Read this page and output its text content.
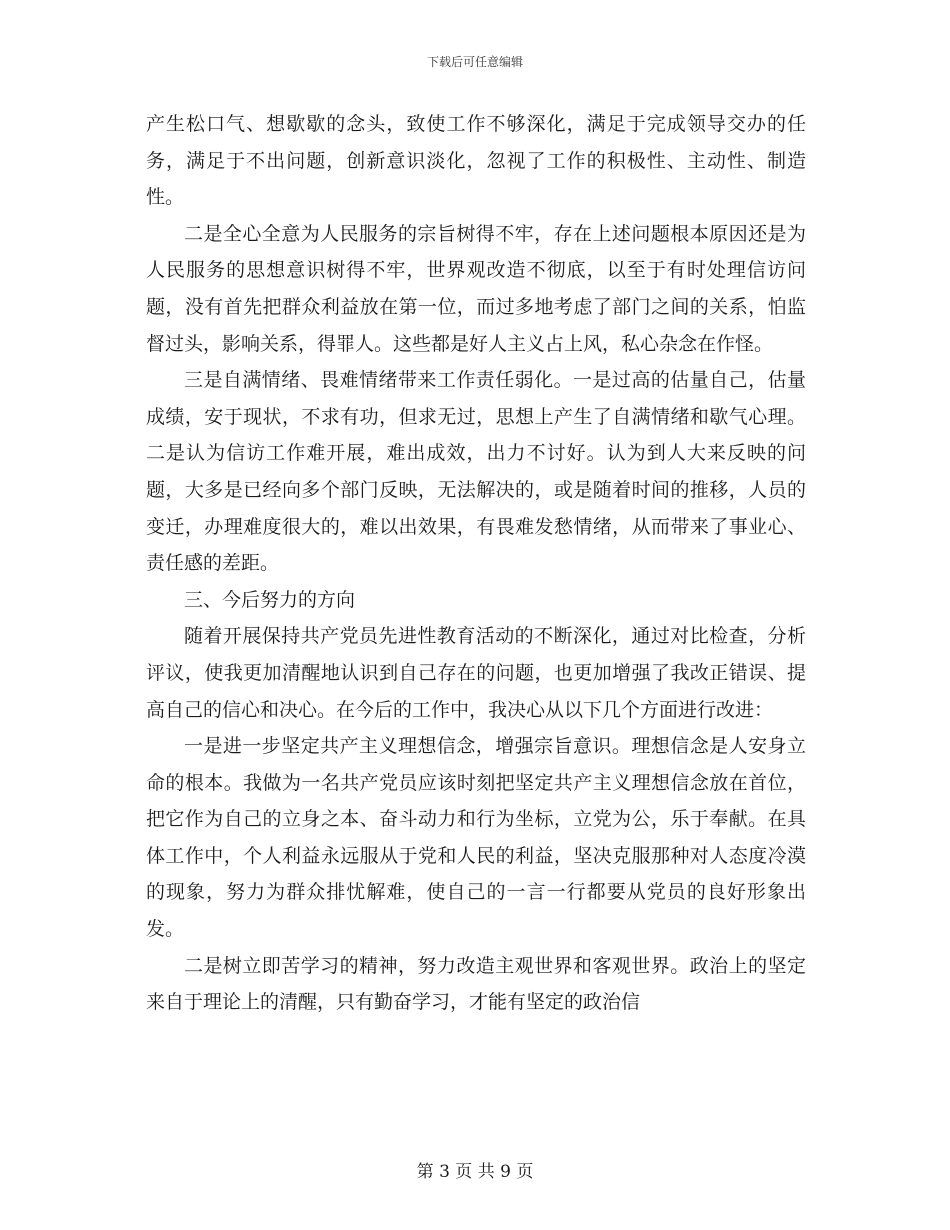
下载后可任意编辑

产生松口气、想歇歇的念头，致使工作不够深化，满足于完成领导交办的任务，满足于不出问题，创新意识淡化，忽视了工作的积极性、主动性、制造性。

二是全心全意为人民服务的宗旨树得不牢，存在上述问题根本原因还是为人民服务的思想意识树得不牢，世界观改造不彻底，以至于有时处理信访问题，没有首先把群众利益放在第一位，而过多地考虑了部门之间的关系，怕监督过头，影响关系，得罪人。这些都是好人主义占上风，私心杂念在作怪。

三是自满情绪、畏难情绪带来工作责任弱化。一是过高的估量自己，估量成绩，安于现状，不求有功，但求无过，思想上产生了自满情绪和歇气心理。二是认为信访工作难开展，难出成效，出力不讨好。认为到人大来反映的问题，大多是已经向多个部门反映，无法解决的，或是随着时间的推移，人员的变迁，办理难度很大的，难以出效果，有畏难发愁情绪，从而带来了事业心、责任感的差距。

三、今后努力的方向

随着开展保持共产党员先进性教育活动的不断深化，通过对比检查，分析评议，使我更加清醒地认识到自己存在的问题，也更加增强了我改正错误、提高自己的信心和决心。在今后的工作中，我决心从以下几个方面进行改进：

一是进一步坚定共产主义理想信念，增强宗旨意识。理想信念是人安身立命的根本。我做为一名共产党员应该时刻把坚定共产主义理想信念放在首位，把它作为自己的立身之本、奋斗动力和行为坐标，立党为公，乐于奉献。在具体工作中，个人利益永远服从于党和人民的利益，坚决克服那种对人态度冷漠的现象，努力为群众排忧解难，使自己的一言一行都要从党员的良好形象出发。

二是树立即苦学习的精神，努力改造主观世界和客观世界。政治上的坚定来自于理论上的清醒，只有勤奋学习，才能有坚定的政治信

第 3 页 共 9 页
